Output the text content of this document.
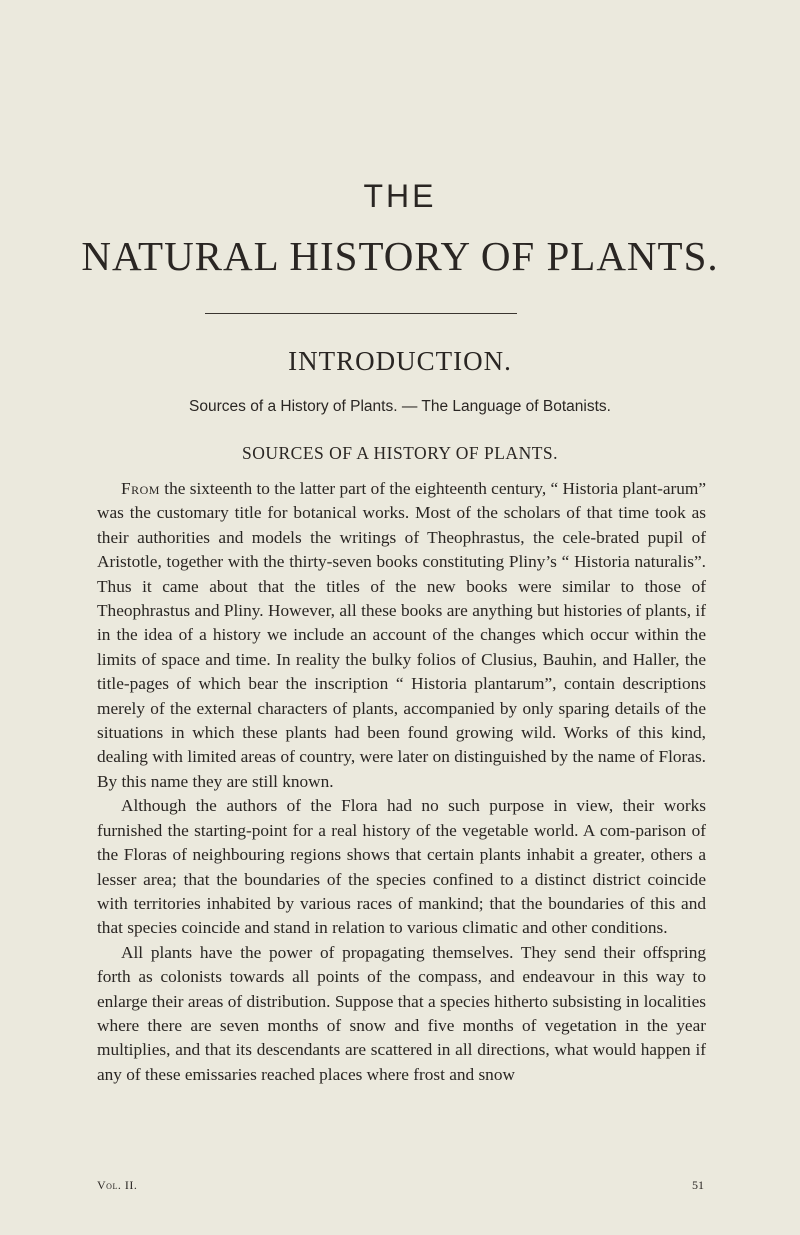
THE
NATURAL HISTORY OF PLANTS.
INTRODUCTION.
Sources of a History of Plants. — The Language of Botanists.
SOURCES OF A HISTORY OF PLANTS.

From the sixteenth to the latter part of the eighteenth century, “ Historia plant-arum” was the customary title for botanical works. Most of the scholars of that time took as their authorities and models the writings of Theophrastus, the cele-brated pupil of Aristotle, together with the thirty-seven books constituting Pliny’s “ Historia naturalis”. Thus it came about that the titles of the new books were similar to those of Theophrastus and Pliny. However, all these books are anything but histories of plants, if in the idea of a history we include an account of the changes which occur within the limits of space and time. In reality the bulky folios of Clusius, Bauhin, and Haller, the title-pages of which bear the inscription “ Historia plantarum”, contain descriptions merely of the external characters of plants, accompanied by only sparing details of the situations in which these plants had been found growing wild. Works of this kind, dealing with limited areas of country, were later on distinguished by the name of Floras. By this name they are still known.

Although the authors of the Flora had no such purpose in view, their works furnished the starting-point for a real history of the vegetable world. A com-parison of the Floras of neighbouring regions shows that certain plants inhabit a greater, others a lesser area; that the boundaries of the species confined to a distinct district coincide with territories inhabited by various races of mankind; that the boundaries of this and that species coincide and stand in relation to various climatic and other conditions.

All plants have the power of propagating themselves. They send their offspring forth as colonists towards all points of the compass, and endeavour in this way to enlarge their areas of distribution. Suppose that a species hitherto subsisting in localities where there are seven months of snow and five months of vegetation in the year multiplies, and that its descendants are scattered in all directions, what would happen if any of these emissaries reached places where frost and snow

Vol. II.	51
